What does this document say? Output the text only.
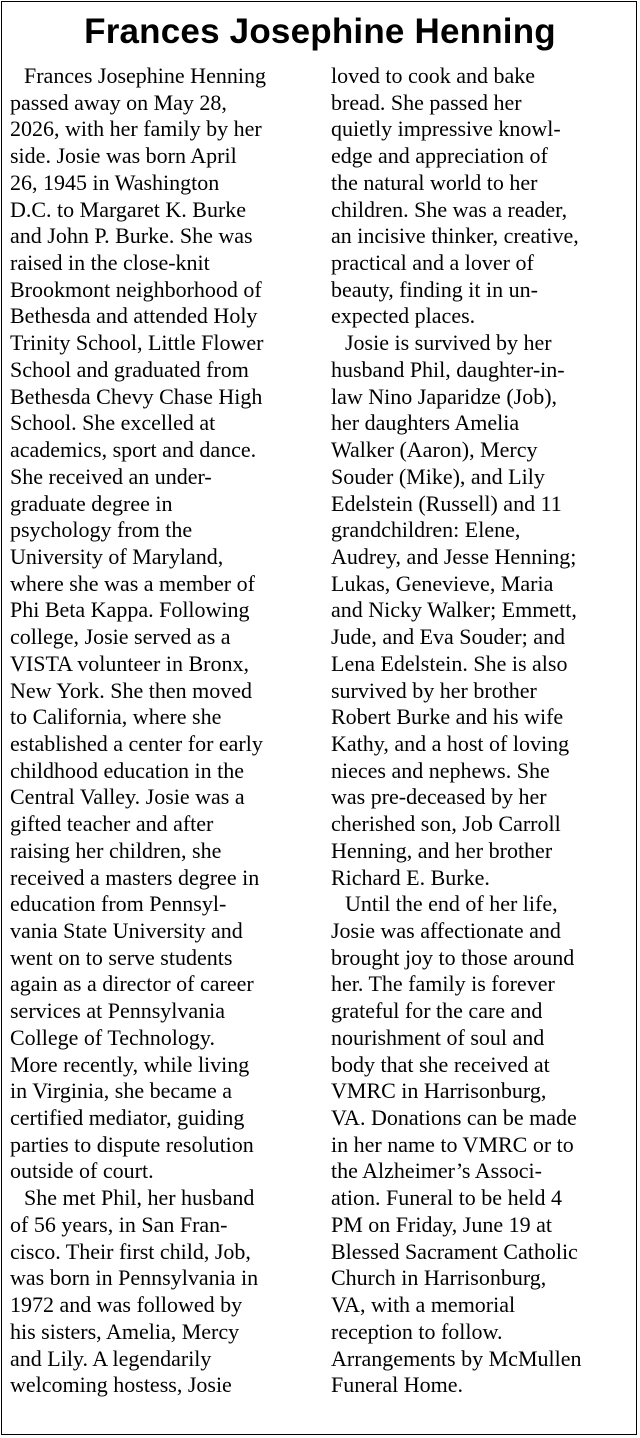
Frances Josephine Henning
Frances Josephine Henning
passed away on May 28,
2026, with her family by her
side. Josie was born April
26, 1945 in Washington
D.C. to Margaret K. Burke
and John P. Burke. She was
raised in the close-knit
Brookmont neighborhood of
Bethesda and attended Holy
Trinity School, Little Flower
School and graduated from
Bethesda Chevy Chase High
School. She excelled at
academics, sport and dance.
She received an under-
graduate degree in
psychology from the
University of Maryland,
where she was a member of
Phi Beta Kappa. Following
college, Josie served as a
VISTA volunteer in Bronx,
New York. She then moved
to California, where she
established a center for early
childhood education in the
Central Valley. Josie was a
gifted teacher and after
raising her children, she
received a masters degree in
education from Pennsyl-
vania State University and
went on to serve students
again as a director of career
services at Pennsylvania
College of Technology.
More recently, while living
in Virginia, she became a
certified mediator, guiding
parties to dispute resolution
outside of court.
She met Phil, her husband
of 56 years, in San Fran-
cisco. Their first child, Job,
was born in Pennsylvania in
1972 and was followed by
his sisters, Amelia, Mercy
and Lily. A legendarily
welcoming hostess, Josie
loved to cook and bake
bread. She passed her
quietly impressive knowl-
edge and appreciation of
the natural world to her
children. She was a reader,
an incisive thinker, creative,
practical and a lover of
beauty, finding it in un-
expected places.
Josie is survived by her
husband Phil, daughter-in-
law Nino Japaridze (Job),
her daughters Amelia
Walker (Aaron), Mercy
Souder (Mike), and Lily
Edelstein (Russell) and 11
grandchildren: Elene,
Audrey, and Jesse Henning;
Lukas, Genevieve, Maria
and Nicky Walker; Emmett,
Jude, and Eva Souder; and
Lena Edelstein. She is also
survived by her brother
Robert Burke and his wife
Kathy, and a host of loving
nieces and nephews. She
was pre-deceased by her
cherished son, Job Carroll
Henning, and her brother
Richard E. Burke.
Until the end of her life,
Josie was affectionate and
brought joy to those around
her. The family is forever
grateful for the care and
nourishment of soul and
body that she received at
VMRC in Harrisonburg,
VA. Donations can be made
in her name to VMRC or to
the Alzheimer’s Associ-
ation. Funeral to be held 4
PM on Friday, June 19 at
Blessed Sacrament Catholic
Church in Harrisonburg,
VA, with a memorial
reception to follow.
Arrangements by McMullen
Funeral Home.
